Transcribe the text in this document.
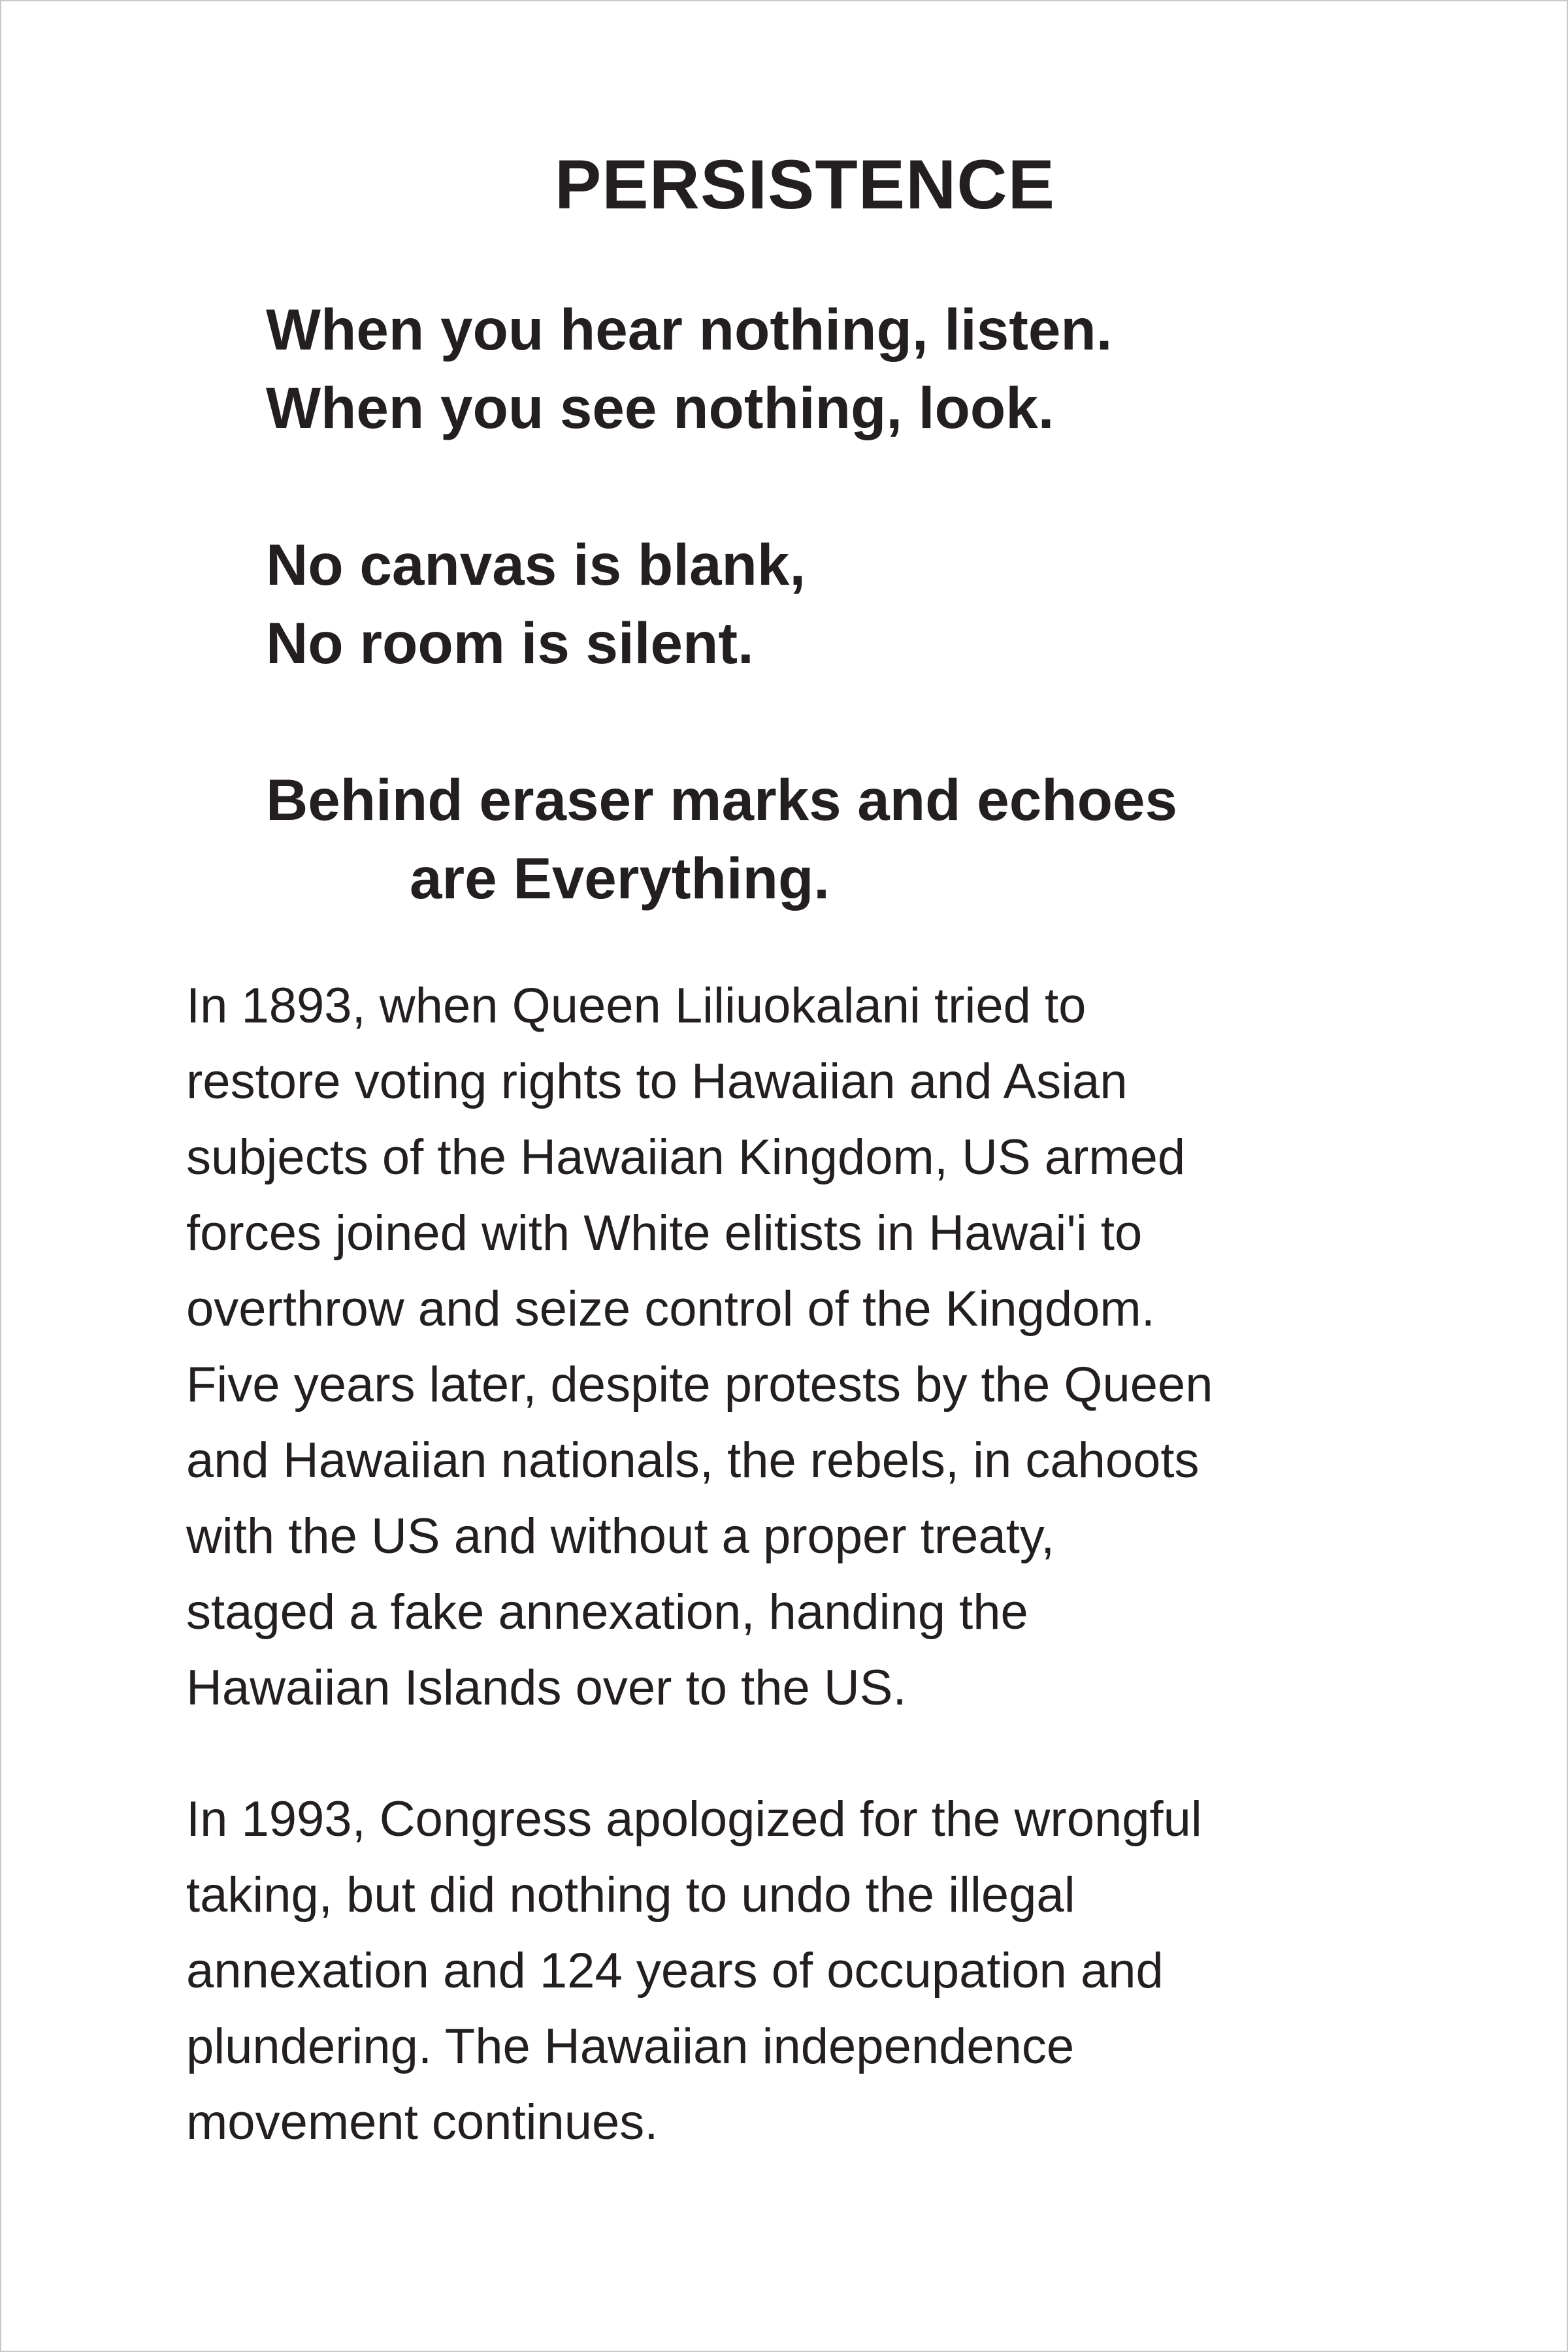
PERSISTENCE
When you hear nothing, listen.
When you see nothing, look.
No canvas is blank,
No room is silent.
Behind eraser marks and echoes
are Everything.
In 1893, when Queen Liliuokalani tried to
restore voting rights to Hawaiian and Asian
subjects of the Hawaiian Kingdom, US armed
forces joined with White elitists in Hawai'i to
overthrow and seize control of the Kingdom.
Five years later, despite protests by the Queen
and Hawaiian nationals, the rebels, in cahoots
with the US and without a proper treaty,
staged a fake annexation, handing the
Hawaiian Islands over to the US.
In 1993, Congress apologized for the wrongful
taking, but did nothing to undo the illegal
annexation and 124 years of occupation and
plundering. The Hawaiian independence
movement continues.
